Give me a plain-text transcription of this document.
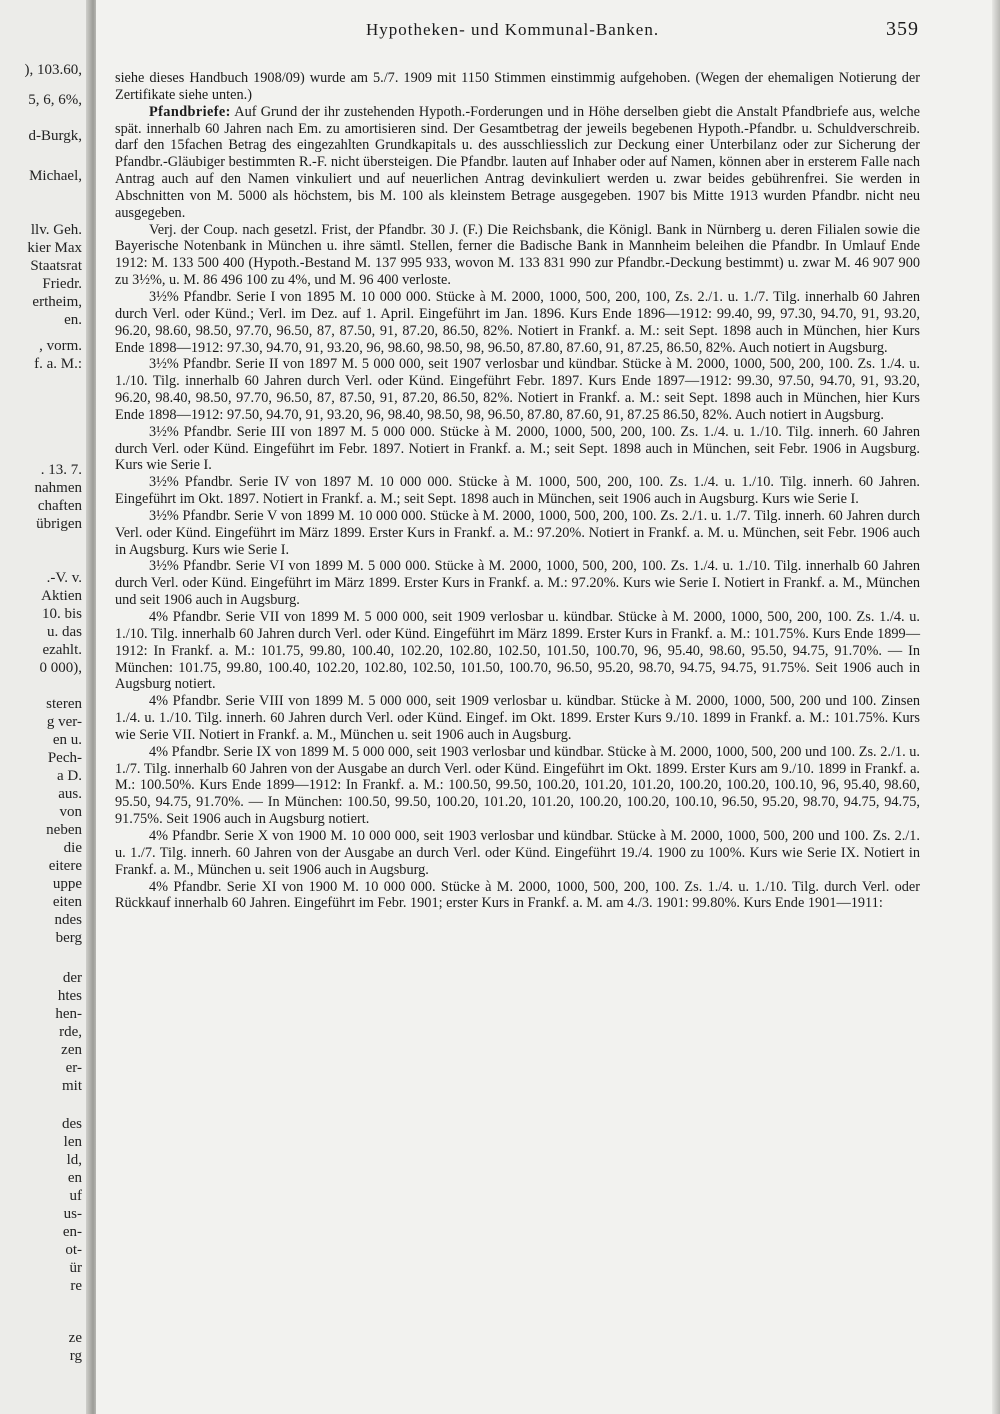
), 103.60,
5, 6, 6%,
d-Burgk,
Michael,
llv. Geh.
kier Max
Staatsrat
Friedr.
ertheim,
en.
, vorm.
f. a. M.:
. 13. 7.
nahmen
chaften
übrigen
.-V. v.
Aktien
10. bis
u. das
ezahlt.
0 000),
steren
g ver-
en u.
Pech-
a D.
aus.
von
neben
die
eitere
uppe
eiten
ndes
berg
der
htes
hen-
rde,
zen
er-
mit
des
len
ld,
en
uf
us-
en-
ot-
ür
re
ze
rg
Hypotheken- und Kommunal-Banken.	359

siehe dieses Handbuch 1908/09) wurde am 5./7. 1909 mit 1150 Stimmen einstimmig aufgehoben. (Wegen der ehemaligen Notierung der Zertifikate siehe unten.)

Pfandbriefe: Auf Grund der ihr zustehenden Hypoth.-Forderungen und in Höhe derselben giebt die Anstalt Pfandbriefe aus, welche spät. innerhalb 60 Jahren nach Em. zu amortisieren sind. Der Gesamtbetrag der jeweils begebenen Hypoth.-Pfandbr. u. Schuldverschreib. darf den 15fachen Betrag des eingezahlten Grundkapitals u. des ausschliesslich zur Deckung einer Unterbilanz oder zur Sicherung der Pfandbr.-Gläubiger bestimmten R.-F. nicht übersteigen. Die Pfandbr. lauten auf Inhaber oder auf Namen, können aber in ersterem Falle nach Antrag auch auf den Namen vinkuliert und auf neuerlichen Antrag devinkuliert werden u. zwar beides gebührenfrei. Sie werden in Abschnitten von M. 5000 als höchstem, bis M. 100 als kleinstem Betrage ausgegeben. 1907 bis Mitte 1913 wurden Pfandbr. nicht neu ausgegeben.

Verj. der Coup. nach gesetzl. Frist, der Pfandbr. 30 J. (F.) Die Reichsbank, die Königl. Bank in Nürnberg u. deren Filialen sowie die Bayerische Notenbank in München u. ihre sämtl. Stellen, ferner die Badische Bank in Mannheim beleihen die Pfandbr. In Umlauf Ende 1912: M. 133 500 400 (Hypoth.-Bestand M. 137 995 933, wovon M. 133 831 990 zur Pfandbr.-Deckung bestimmt) u. zwar M. 46 907 900 zu 3½%, u. M. 86 496 100 zu 4%, und M. 96 400 verloste.

3½% Pfandbr. Serie I von 1895 M. 10 000 000. Stücke à M. 2000, 1000, 500, 200, 100, Zs. 2./1. u. 1./7. Tilg. innerhalb 60 Jahren durch Verl. oder Künd.; Verl. im Dez. auf 1. April. Eingeführt im Jan. 1896. Kurs Ende 1896—1912: 99.40, 99, 97.30, 94.70, 91, 93.20, 96.20, 98.60, 98.50, 97.70, 96.50, 87, 87.50, 91, 87.20, 86.50, 82%. Notiert in Frankf. a. M.: seit Sept. 1898 auch in München, hier Kurs Ende 1898—1912: 97.30, 94.70, 91, 93.20, 96, 98.60, 98.50, 98, 96.50, 87.80, 87.60, 91, 87.25, 86.50, 82%. Auch notiert in Augsburg.

3½% Pfandbr. Serie II von 1897 M. 5 000 000, seit 1907 verlosbar und kündbar. Stücke à M. 2000, 1000, 500, 200, 100. Zs. 1./4. u. 1./10. Tilg. innerhalb 60 Jahren durch Verl. oder Künd. Eingeführt Febr. 1897. Kurs Ende 1897—1912: 99.30, 97.50, 94.70, 91, 93.20, 96.20, 98.40, 98.50, 97.70, 96.50, 87, 87.50, 91, 87.20, 86.50, 82%. Notiert in Frankf. a. M.: seit Sept. 1898 auch in München, hier Kurs Ende 1898—1912: 97.50, 94.70, 91, 93.20, 96, 98.40, 98.50, 98, 96.50, 87.80, 87.60, 91, 87.25 86.50, 82%. Auch notiert in Augsburg.

3½% Pfandbr. Serie III von 1897 M. 5 000 000. Stücke à M. 2000, 1000, 500, 200, 100. Zs. 1./4. u. 1./10. Tilg. innerh. 60 Jahren durch Verl. oder Künd. Eingeführt im Febr. 1897. Notiert in Frankf. a. M.; seit Sept. 1898 auch in München, seit Febr. 1906 in Augsburg. Kurs wie Serie I.

3½% Pfandbr. Serie IV von 1897 M. 10 000 000. Stücke à M. 1000, 500, 200, 100. Zs. 1./4. u. 1./10. Tilg. innerh. 60 Jahren. Eingeführt im Okt. 1897. Notiert in Frankf. a. M.; seit Sept. 1898 auch in München, seit 1906 auch in Augsburg. Kurs wie Serie I.

3½% Pfandbr. Serie V von 1899 M. 10 000 000. Stücke à M. 2000, 1000, 500, 200, 100. Zs. 2./1. u. 1./7. Tilg. innerh. 60 Jahren durch Verl. oder Künd. Eingeführt im März 1899. Erster Kurs in Frankf. a. M.: 97.20%. Notiert in Frankf. a. M. u. München, seit Febr. 1906 auch in Augsburg. Kurs wie Serie I.

3½% Pfandbr. Serie VI von 1899 M. 5 000 000. Stücke à M. 2000, 1000, 500, 200, 100. Zs. 1./4. u. 1./10. Tilg. innerhalb 60 Jahren durch Verl. oder Künd. Eingeführt im März 1899. Erster Kurs in Frankf. a. M.: 97.20%. Kurs wie Serie I. Notiert in Frankf. a. M., München und seit 1906 auch in Augsburg.

4% Pfandbr. Serie VII von 1899 M. 5 000 000, seit 1909 verlosbar u. kündbar. Stücke à M. 2000, 1000, 500, 200, 100. Zs. 1./4. u. 1./10. Tilg. innerhalb 60 Jahren durch Verl. oder Künd. Eingeführt im März 1899. Erster Kurs in Frankf. a. M.: 101.75%. Kurs Ende 1899—1912: In Frankf. a. M.: 101.75, 99.80, 100.40, 102.20, 102.80, 102.50, 101.50, 100.70, 96, 95.40, 98.60, 95.50, 94.75, 91.70%. — In München: 101.75, 99.80, 100.40, 102.20, 102.80, 102.50, 101.50, 100.70, 96.50, 95.20, 98.70, 94.75, 94.75, 91.75%. Seit 1906 auch in Augsburg notiert.

4% Pfandbr. Serie VIII von 1899 M. 5 000 000, seit 1909 verlosbar u. kündbar. Stücke à M. 2000, 1000, 500, 200 und 100. Zinsen 1./4. u. 1./10. Tilg. innerh. 60 Jahren durch Verl. oder Künd. Eingef. im Okt. 1899. Erster Kurs 9./10. 1899 in Frankf. a. M.: 101.75%. Kurs wie Serie VII. Notiert in Frankf. a. M., München u. seit 1906 auch in Augsburg.

4% Pfandbr. Serie IX von 1899 M. 5 000 000, seit 1903 verlosbar und kündbar. Stücke à M. 2000, 1000, 500, 200 und 100. Zs. 2./1. u. 1./7. Tilg. innerhalb 60 Jahren von der Ausgabe an durch Verl. oder Künd. Eingeführt im Okt. 1899. Erster Kurs am 9./10. 1899 in Frankf. a. M.: 100.50%. Kurs Ende 1899—1912: In Frankf. a. M.: 100.50, 99.50, 100.20, 101.20, 101.20, 100.20, 100.20, 100.10, 96, 95.40, 98.60, 95.50, 94.75, 91.70%. — In München: 100.50, 99.50, 100.20, 101.20, 101.20, 100.20, 100.20, 100.10, 96.50, 95.20, 98.70, 94.75, 94.75, 91.75%. Seit 1906 auch in Augsburg notiert.

4% Pfandbr. Serie X von 1900 M. 10 000 000, seit 1903 verlosbar und kündbar. Stücke à M. 2000, 1000, 500, 200 und 100. Zs. 2./1. u. 1./7. Tilg. innerh. 60 Jahren von der Ausgabe an durch Verl. oder Künd. Eingeführt 19./4. 1900 zu 100%. Kurs wie Serie IX. Notiert in Frankf. a. M., München u. seit 1906 auch in Augsburg.

4% Pfandbr. Serie XI von 1900 M. 10 000 000. Stücke à M. 2000, 1000, 500, 200, 100. Zs. 1./4. u. 1./10. Tilg. durch Verl. oder Rückkauf innerhalb 60 Jahren. Eingeführt im Febr. 1901; erster Kurs in Frankf. a. M. am 4./3. 1901: 99.80%. Kurs Ende 1901—1911:
